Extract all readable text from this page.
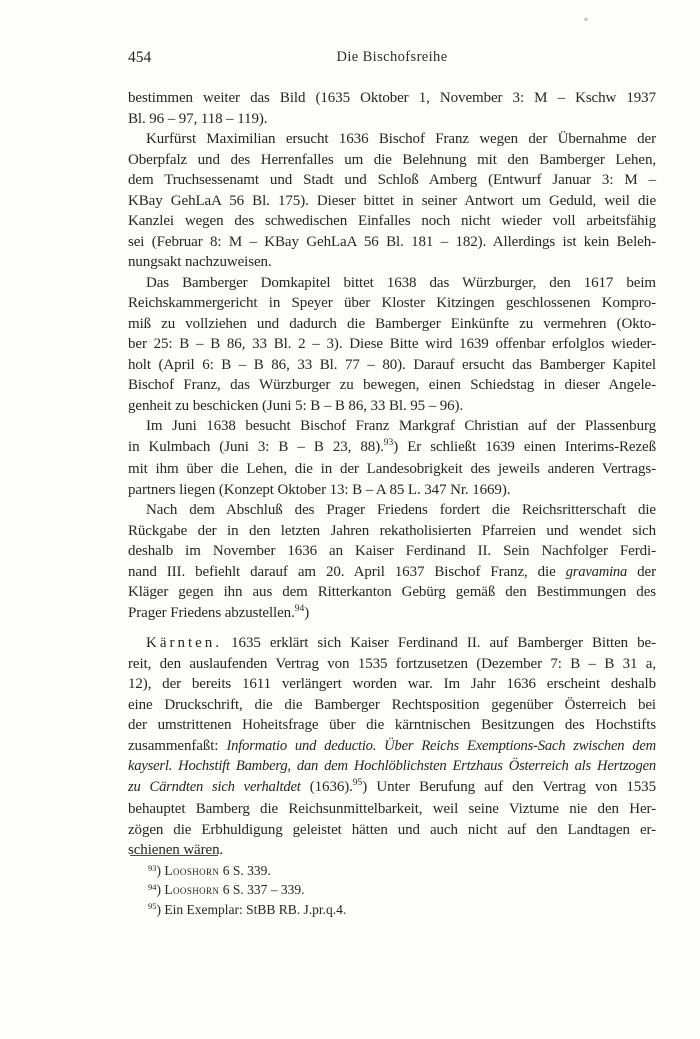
454	Die Bischofsreihe
bestimmen weiter das Bild (1635 Oktober 1, November 3: M – Kschw 1937
Bl. 96 – 97, 118 – 119).
Kurfürst Maximilian ersucht 1636 Bischof Franz wegen der Übernahme der
Oberpfalz und des Herrenfalles um die Belehnung mit den Bamberger Lehen,
dem Truchsessenamt und Stadt und Schloß Amberg (Entwurf Januar 3: M –
KBay GehLaA 56 Bl. 175). Dieser bittet in seiner Antwort um Geduld, weil die
Kanzlei wegen des schwedischen Einfalles noch nicht wieder voll arbeitsfähig
sei (Februar 8: M – KBay GehLaA 56 Bl. 181 – 182). Allerdings ist kein Beleh-
nungsakt nachzuweisen.
Das Bamberger Domkapitel bittet 1638 das Würzburger, den 1617 beim
Reichskammergericht in Speyer über Kloster Kitzingen geschlossenen Kompro-
miß zu vollziehen und dadurch die Bamberger Einkünfte zu vermehren (Okto-
ber 25: B – B 86, 33 Bl. 2 – 3). Diese Bitte wird 1639 offenbar erfolglos wieder-
holt (April 6: B – B 86, 33 Bl. 77 – 80). Darauf ersucht das Bamberger Kapitel
Bischof Franz, das Würzburger zu bewegen, einen Schiedstag in dieser Angele-
genheit zu beschicken (Juni 5: B – B 86, 33 Bl. 95 – 96).
Im Juni 1638 besucht Bischof Franz Markgraf Christian auf der Plassenburg
in Kulmbach (Juni 3: B – B 23, 88).$^{93}$) Er schließt 1639 einen Interims-Rezeß
mit ihm über die Lehen, die in der Landesobrigkeit des jeweils anderen Vertrags-
partners liegen (Konzept Oktober 13: B – A 85 L. 347 Nr. 1669).
Nach dem Abschluß des Prager Friedens fordert die Reichsritterschaft die
Rückgabe der in den letzten Jahren rekatholisierten Pfarreien und wendet sich
deshalb im November 1636 an Kaiser Ferdinand II. Sein Nachfolger Ferdi-
nand III. befiehlt darauf am 20. April 1637 Bischof Franz, die gravamina der
Kläger gegen ihn aus dem Ritterkanton Gebürg gemäß den Bestimmungen des
Prager Friedens abzustellen.$^{94}$)
Kärnten. 1635 erklärt sich Kaiser Ferdinand II. auf Bamberger Bitten be-
reit, den auslaufenden Vertrag von 1535 fortzusetzen (Dezember 7: B – B 31 a,
12), der bereits 1611 verlängert worden war. Im Jahr 1636 erscheint deshalb
eine Druckschrift, die die Bamberger Rechtsposition gegenüber Österreich bei
der umstrittenen Hoheitsfrage über die kärntnischen Besitzungen des Hochstifts
zusammenfaßt: Informatio und deductio. Über Reichs Exemptions-Sach zwischen dem
kayserl. Hochstift Bamberg, dan dem Hochlöblichsten Ertzhaus Österreich als Hertzogen
zu Cärndten sich verhaltdet (1636).$^{95}$) Unter Berufung auf den Vertrag von 1535
behauptet Bamberg die Reichsunmittelbarkeit, weil seine Viztume nie den Her-
zögen die Erbhuldigung geleistet hätten und auch nicht auf den Landtagen er-
schienen wären.
$^{93}$) Looshorn 6 S. 339.
$^{94}$) Looshorn 6 S. 337 – 339.
$^{95}$) Ein Exemplar: StBB RB. J.pr.q.4.
